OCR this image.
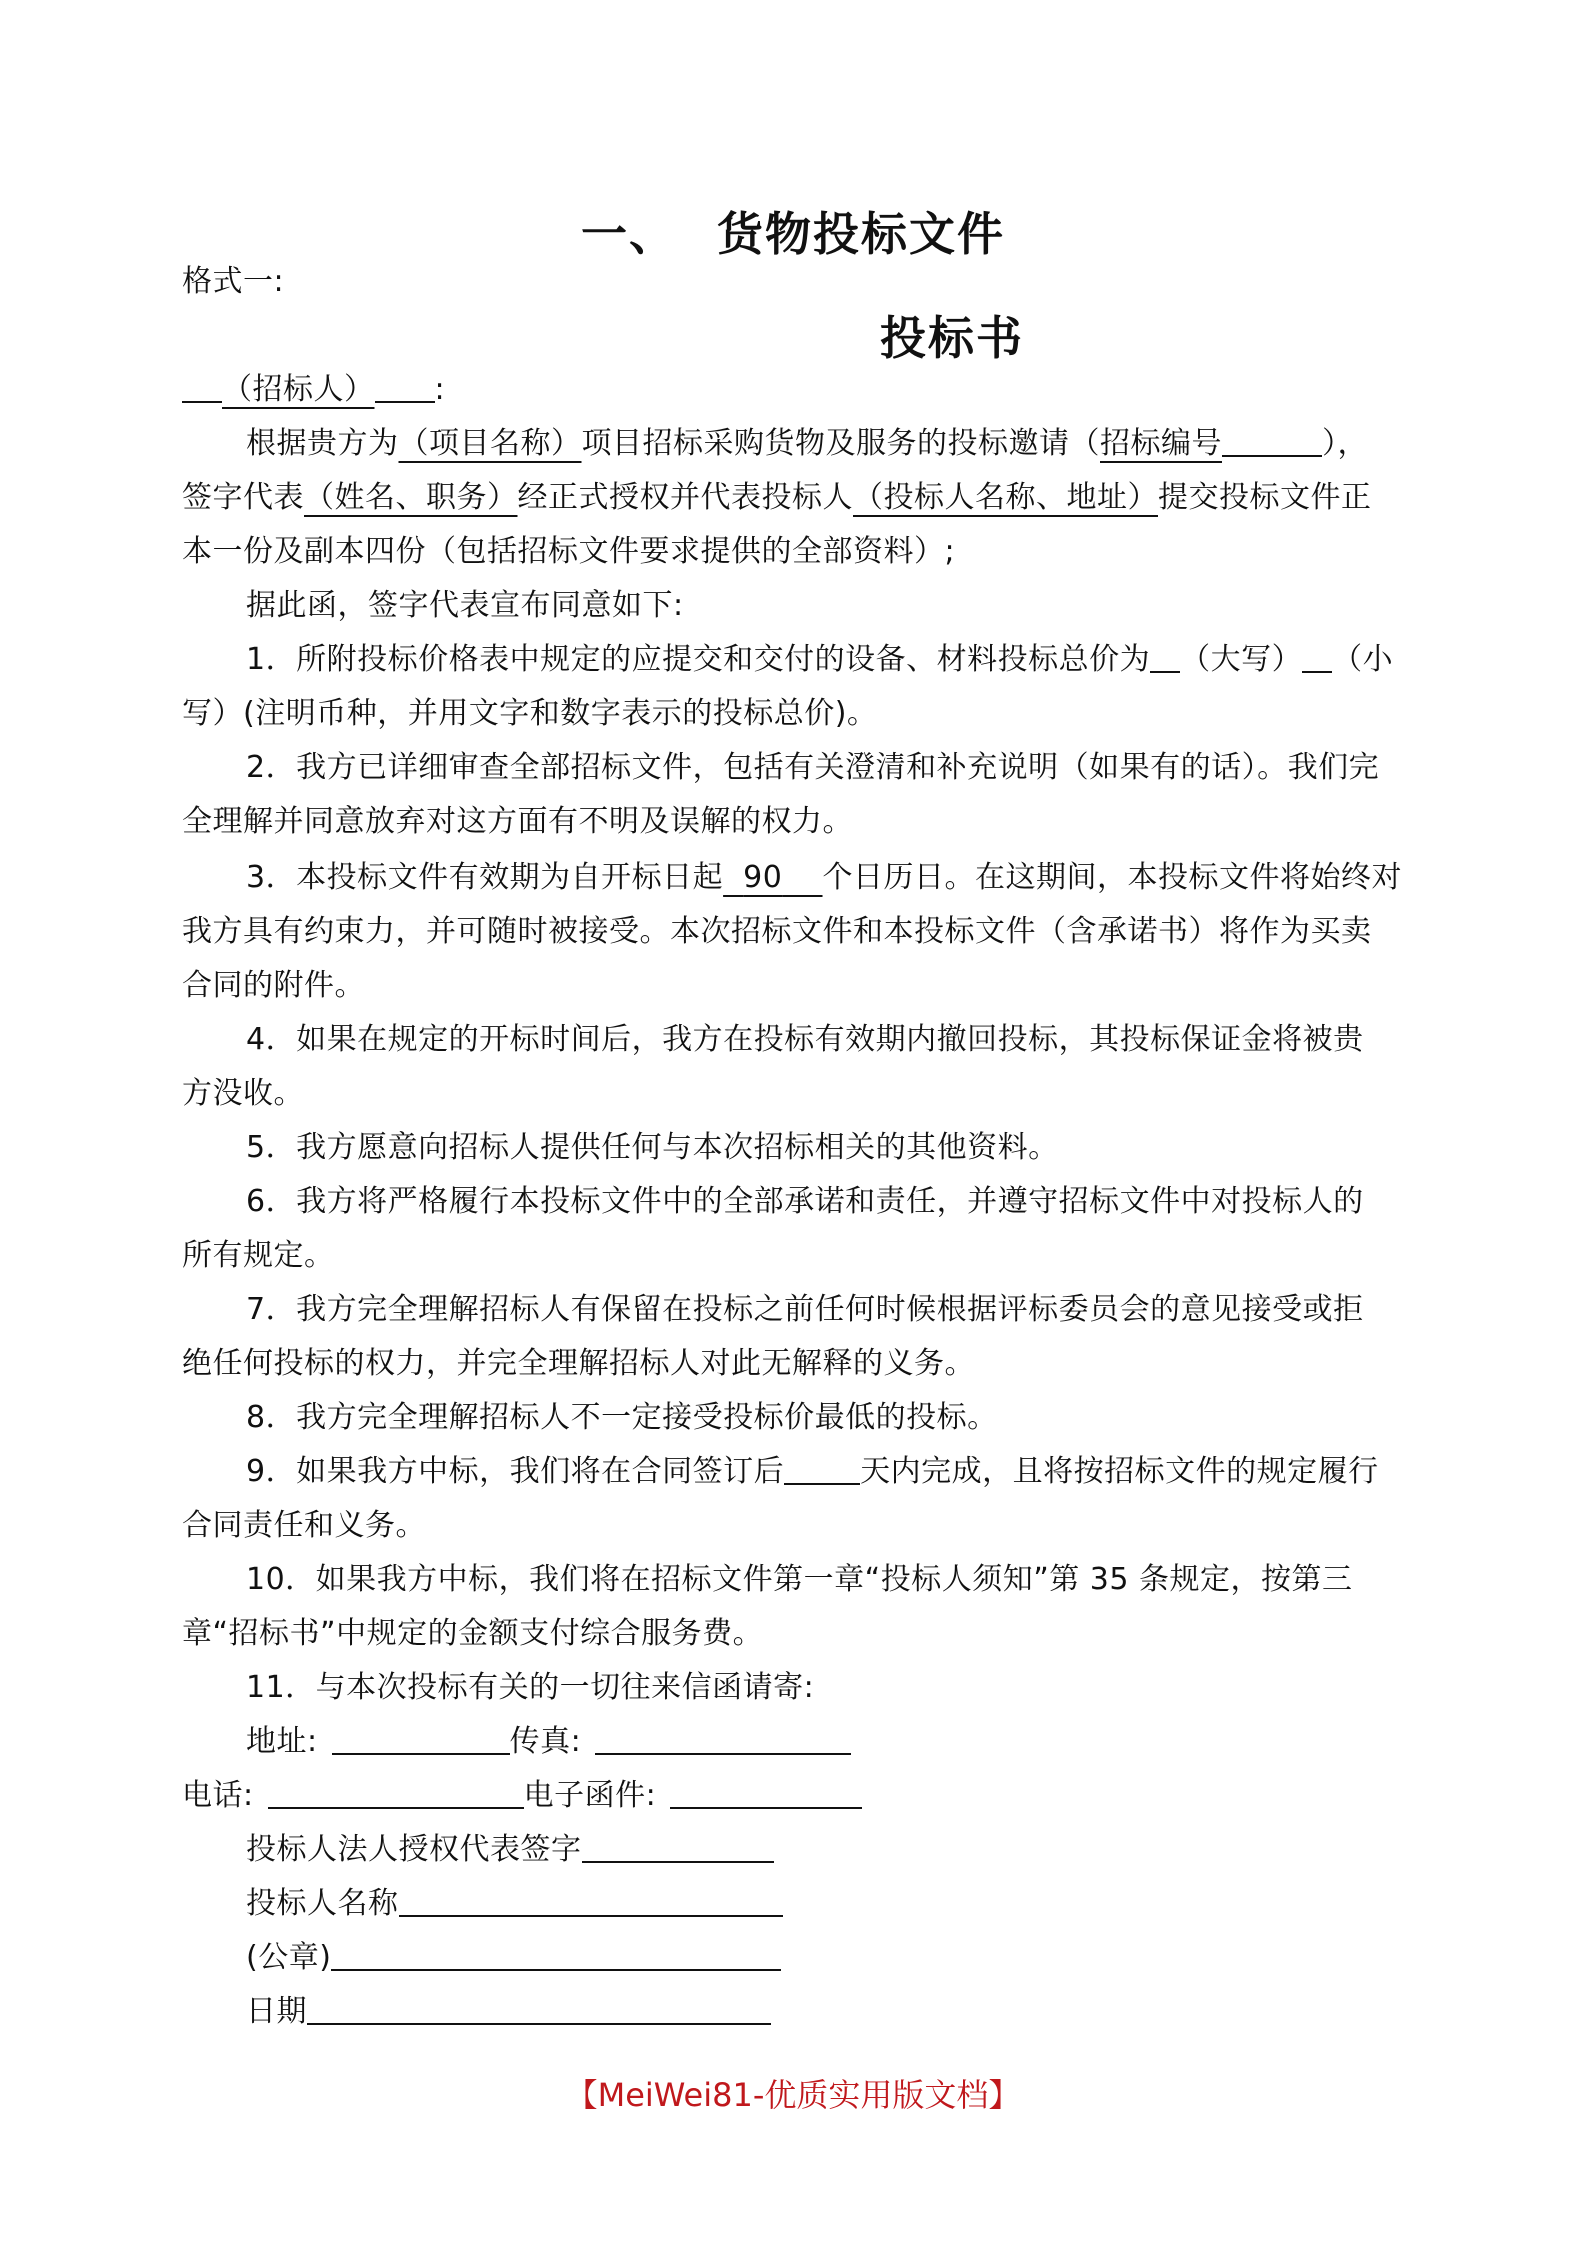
一、 货物投标文件
格式一:
投标书
（招标人） :
根据贵方为（项目名称）项目招标采购货物及服务的投标邀请（招标编号	），
签字代表（姓名、职务）经正式授权并代表投标人（投标人名称、地址）提交投标文件正
本一份及副本四份（包括招标文件要求提供的全部资料）;
据此函，签字代表宣布同意如下:
1．所附投标价格表中规定的应提交和交付的设备、材料投标总价为 （大写） （小
写）(注明币种，并用文字和数字表示的投标总价)。
2．我方已详细审查全部招标文件，包括有关澄清和补充说明（如果有的话）。我们完
全理解并同意放弃对这方面有不明及误解的权力。
3．本投标文件有效期为自开标日起 90 个日历日。在这期间，本投标文件将始终对
我方具有约束力，并可随时被接受。本次招标文件和本投标文件（含承诺书）将作为买卖
合同的附件。
4．如果在规定的开标时间后，我方在投标有效期内撤回投标，其投标保证金将被贵
方没收。
5．我方愿意向招标人提供任何与本次招标相关的其他资料。
6．我方将严格履行本投标文件中的全部承诺和责任，并遵守招标文件中对投标人的
所有规定。
7．我方完全理解招标人有保留在投标之前任何时候根据评标委员会的意见接受或拒
绝任何投标的权力，并完全理解招标人对此无解释的义务。
8．我方完全理解招标人不一定接受投标价最低的投标。
9．如果我方中标，我们将在合同签订后	天内完成，且将按招标文件的规定履行
合同责任和义务。
10．如果我方中标，我们将在招标文件第一章“投标人须知”第 35 条规定，按第三
章“招标书”中规定的金额支付综合服务费。
11．与本次投标有关的一切往来信函请寄:
地址:	传真:
电话:	电子函件:
投标人法人授权代表签字
投标人名称
(公章)
日期
【MeiWei81-优质实用版文档】
